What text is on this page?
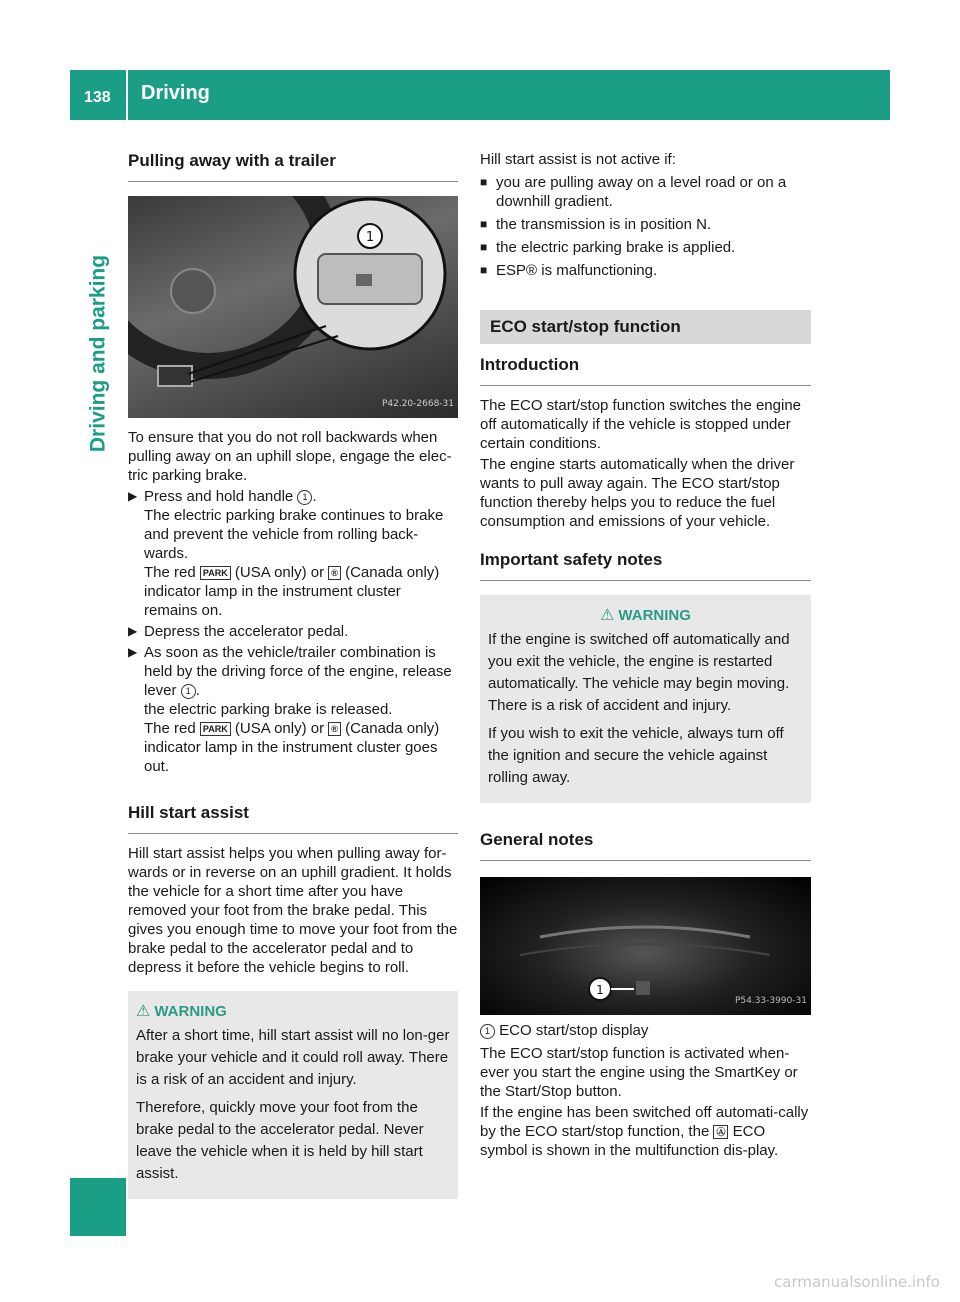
138 Driving
Driving and parking
Pulling away with a trailer
1
P42.20-2668-31

To ensure that you do not roll backwards when pulling away on an uphill slope, engage the elec-tric parking brake.

▶ Press and hold handle 1 .
The electric parking brake continues to brake and prevent the vehicle from rolling back-wards.
The red PARK (USA only) or ® (Canada only) indicator lamp in the instrument cluster remains on.
▶ Depress the accelerator pedal.
▶ As soon as the vehicle/trailer combination is held by the driving force of the engine, release lever 1 .
the electric parking brake is released.
The red PARK (USA only) or ® (Canada only) indicator lamp in the instrument cluster goes out.
Hill start assist

Hill start assist helps you when pulling away for-wards or in reverse on an uphill gradient. It holds the vehicle for a short time after you have removed your foot from the brake pedal. This gives you enough time to move your foot from the brake pedal to the accelerator pedal and to depress it before the vehicle begins to roll.

⚠ WARNING

After a short time, hill start assist will no lon-ger brake your vehicle and it could roll away. There is a risk of an accident and injury.

Therefore, quickly move your foot from the brake pedal to the accelerator pedal. Never leave the vehicle when it is held by hill start assist.

Hill start assist is not active if:

■ you are pulling away on a level road or on a downhill gradient.
■ the transmission is in position N.
■ the electric parking brake is applied.
■ ESP® is malfunctioning.
ECO start/stop function
Introduction

The ECO start/stop function switches the engine off automatically if the vehicle is stopped under certain conditions.

The engine starts automatically when the driver wants to pull away again. The ECO start/stop function thereby helps you to reduce the fuel consumption and emissions of your vehicle.

Important safety notes
⚠ WARNING

If the engine is switched off automatically and you exit the vehicle, the engine is restarted automatically. The vehicle may begin moving. There is a risk of accident and injury.

If you wish to exit the vehicle, always turn off the ignition and secure the vehicle against rolling away.

General notes
1
P54.33-3990-31

1 ECO start/stop display

The ECO start/stop function is activated when-ever you start the engine using the SmartKey or the Start/Stop button.

If the engine has been switched off automati-cally by the ECO start/stop function, the Ⓐ ECO symbol is shown in the multifunction dis-play.

carmanualsonline.info
